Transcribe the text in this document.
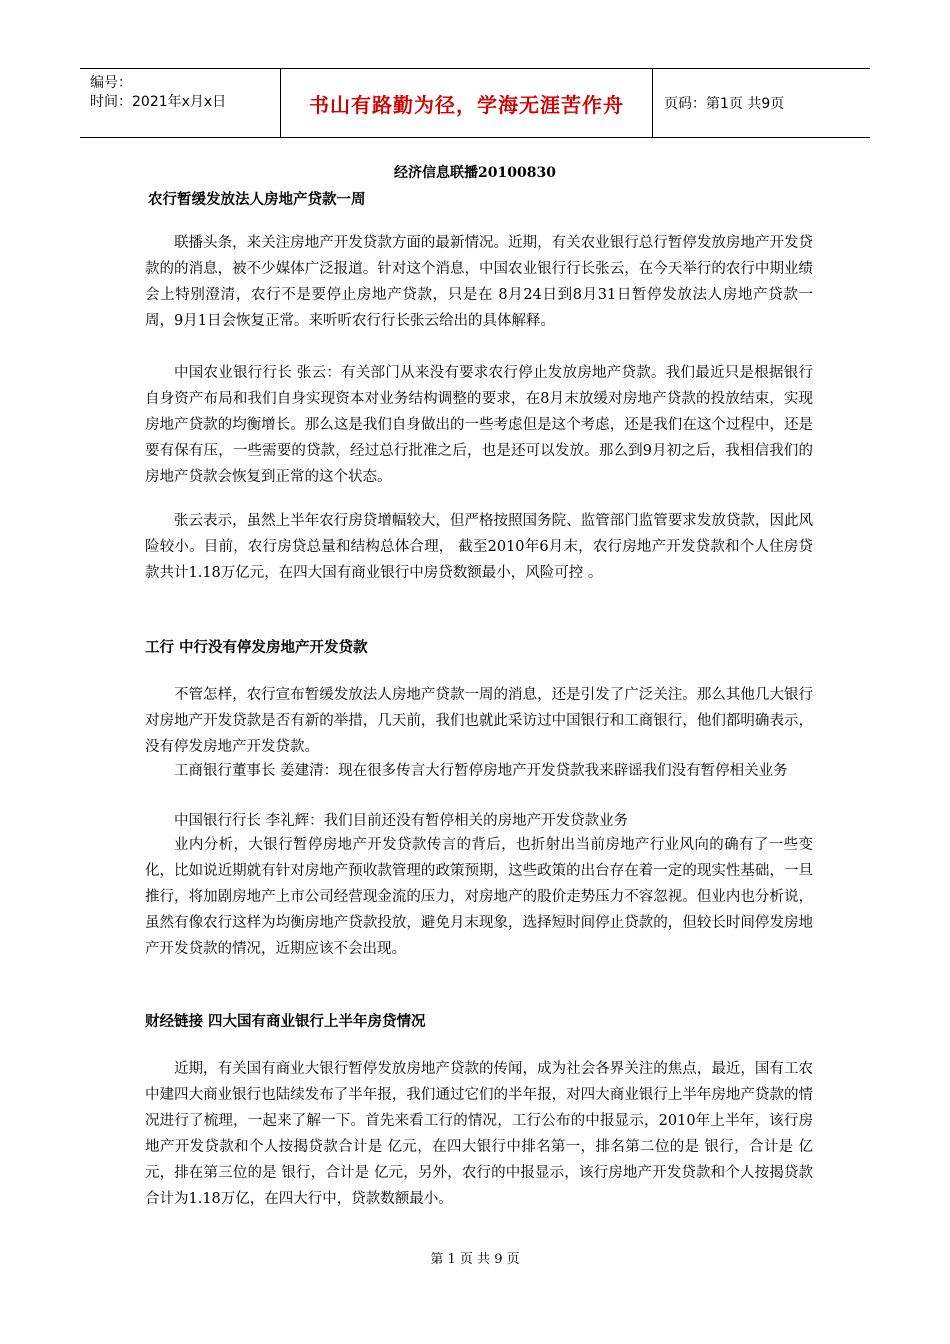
编号：
时间：2021年x月x日	书山有路勤为径，学海无涯苦作舟	页码：第1页 共9页
经济信息联播20100830
农行暂缓发放法人房地产贷款一周

联播头条，来关注房地产开发贷款方面的最新情况。近期，有关农业银行总行暂停发放房地产开发贷款的的消息，被不少媒体广泛报道。针对这个消息，中国农业银行行长张云，在今天举行的农行中期业绩会上特别澄清，农行不是要停止房地产贷款，只是在 8月24日到8月31日暂停发放法人房地产贷款一周，9月1日会恢复正常。来听听农行行长张云给出的具体解释。

中国农业银行行长 张云：有关部门从来没有要求农行停止发放房地产贷款。我们最近只是根据银行自身资产布局和我们自身实现资本对业务结构调整的要求，在8月末放缓对房地产贷款的投放结束，实现房地产贷款的均衡增长。那么这是我们自身做出的一些考虑但是这个考虑，还是我们在这个过程中，还是要有保有压，一些需要的贷款，经过总行批准之后，也是还可以发放。那么到9月初之后，我相信我们的房地产贷款会恢复到正常的这个状态。

张云表示，虽然上半年农行房贷增幅较大，但严格按照国务院、监管部门监管要求发放贷款，因此风险较小。目前，农行房贷总量和结构总体合理， 截至2010年6月末，农行房地产开发贷款和个人住房贷款共计1.18万亿元，在四大国有商业银行中房贷数额最小，风险可控 。

工行 中行没有停发房地产开发贷款

不管怎样，农行宣布暂缓发放法人房地产贷款一周的消息，还是引发了广泛关注。那么其他几大银行对房地产开发贷款是否有新的举措，几天前，我们也就此采访过中国银行和工商银行，他们都明确表示，没有停发房地产开发贷款。

工商银行董事长 姜建清：现在很多传言大行暂停房地产开发贷款我来辟谣我们没有暂停相关业务

中国银行行长 李礼辉：我们目前还没有暂停相关的房地产开发贷款业务

业内分析，大银行暂停房地产开发贷款传言的背后，也折射出当前房地产行业风向的确有了一些变化，比如说近期就有针对房地产预收款管理的政策预期，这些政策的出台存在着一定的现实性基础，一旦推行，将加剧房地产上市公司经营现金流的压力，对房地产的股价走势压力不容忽视。但业内也分析说，虽然有像农行这样为均衡房地产贷款投放，避免月末现象，选择短时间停止贷款的，但较长时间停发房地产开发贷款的情况，近期应该不会出现。

财经链接 四大国有商业银行上半年房贷情况

近期，有关国有商业大银行暂停发放房地产贷款的传闻，成为社会各界关注的焦点，最近，国有工农中建四大商业银行也陆续发布了半年报，我们通过它们的半年报，对四大商业银行上半年房地产贷款的情况进行了梳理，一起来了解一下。首先来看工行的情况，工行公布的中报显示，2010年上半年，该行房地产开发贷款和个人按揭贷款合计是 亿元，在四大银行中排名第一，排名第二位的是 银行，合计是 亿元，排在第三位的是 银行，合计是 亿元，另外，农行的中报显示，该行房地产开发贷款和个人按揭贷款合计为1.18万亿，在四大行中，贷款数额最小。

第 1 页 共 9 页
